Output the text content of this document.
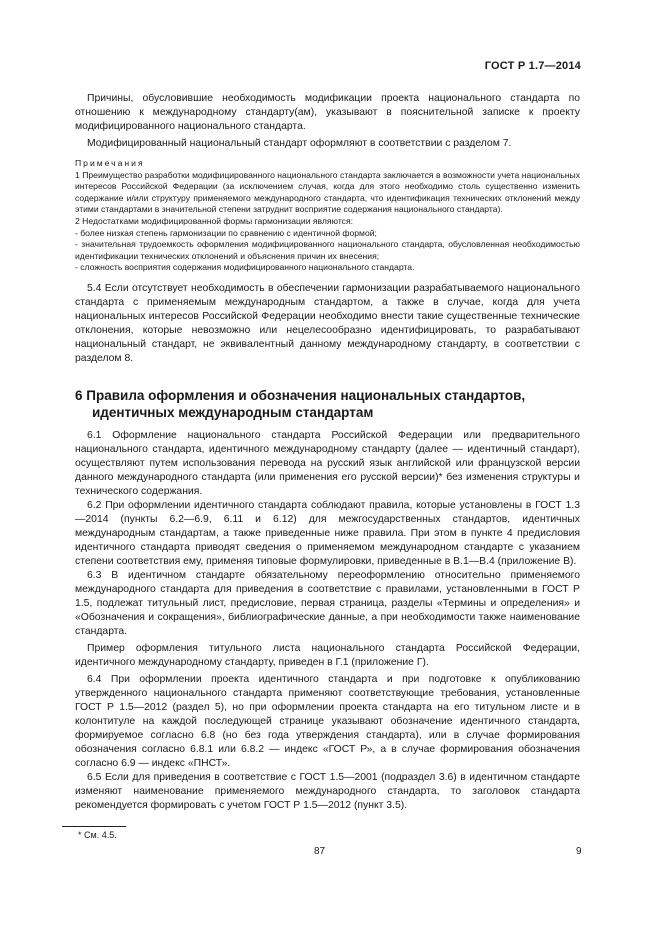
ГОСТ Р 1.7—2014

Причины, обусловившие необходимость модификации проекта национального стандарта по отношению к международному стандарту(ам), указывают в пояснительной записке к проекту модифицированного национального стандарта.

Модифицированный национальный стандарт оформляют в соответствии с разделом 7.

Примечания

1 Преимущество разработки модифицированного национального стандарта заключается в возможности учета национальных интересов Российской Федерации (за исключением случая, когда для этого необходимо столь существенно изменить содержание и/или структуру применяемого международного стандарта, что идентификация технических отклонений между этими стандартами в значительной степени затруднит восприятие содержания национального стандарта).

2 Недостатками модифицированной формы гармонизации являются:

- более низкая степень гармонизации по сравнению с идентичной формой;

- значительная трудоемкость оформления модифицированного национального стандарта, обусловленная необходимостью идентификации технических отклонений и объяснения причин их внесения;

- сложность восприятия содержания модифицированного национального стандарта.

5.4 Если отсутствует необходимость в обеспечении гармонизации разрабатываемого национального стандарта с применяемым международным стандартом, а также в случае, когда для учета национальных интересов Российской Федерации необходимо внести такие существенные технические отклонения, которые невозможно или нецелесообразно идентифицировать, то разрабатывают национальный стандарт, не эквивалентный данному международному стандарту, в соответствии с разделом 8.

6 Правила оформления и обозначения национальных стандартов,
идентичных международным стандартам

6.1 Оформление национального стандарта Российской Федерации или предварительного национального стандарта, идентичного международному стандарту (далее — идентичный стандарт), осуществляют путем использования перевода на русский язык английской или французской версии данного международного стандарта (или применения его русской версии)* без изменения структуры и технического содержания.

6.2 При оформлении идентичного стандарта соблюдают правила, которые установлены в ГОСТ 1.3—2014 (пункты 6.2—6.9, 6.11 и 6.12) для межгосударственных стандартов, идентичных международным стандартам, а также приведенные ниже правила. При этом в пункте 4 предисловия идентичного стандарта приводят сведения о применяемом международном стандарте с указанием степени соответствия ему, применяя типовые формулировки, приведенные в В.1—В.4 (приложение В).

6.3 В идентичном стандарте обязательному переоформлению относительно применяемого международного стандарта для приведения в соответствие с правилами, установленными в ГОСТ Р 1.5, подлежат титульный лист, предисловие, первая страница, разделы «Термины и определения» и «Обозначения и сокращения», библиографические данные, а при необходимости также наименование стандарта.

Пример оформления титульного листа национального стандарта Российской Федерации, идентичного международному стандарту, приведен в Г.1 (приложение Г).

6.4 При оформлении проекта идентичного стандарта и при подготовке к опубликованию утвержденного национального стандарта применяют соответствующие требования, установленные ГОСТ Р 1.5—2012 (раздел 5), но при оформлении проекта стандарта на его титульном листе и в колонтитуле на каждой последующей странице указывают обозначение идентичного стандарта, формируемое согласно 6.8 (но без года утверждения стандарта), или в случае формирования обозначения согласно 6.8.1 или 6.8.2 — индекс «ГОСТ Р», а в случае формирования обозначения согласно 6.9 — индекс «ПНСТ».

6.5 Если для приведения в соответствие с ГОСТ 1.5—2001 (подраздел 3.6) в идентичном стандарте изменяют наименование применяемого международного стандарта, то заголовок стандарта рекомендуется формировать с учетом ГОСТ Р 1.5—2012 (пункт 3.5).

* См. 4.5.
87	9
